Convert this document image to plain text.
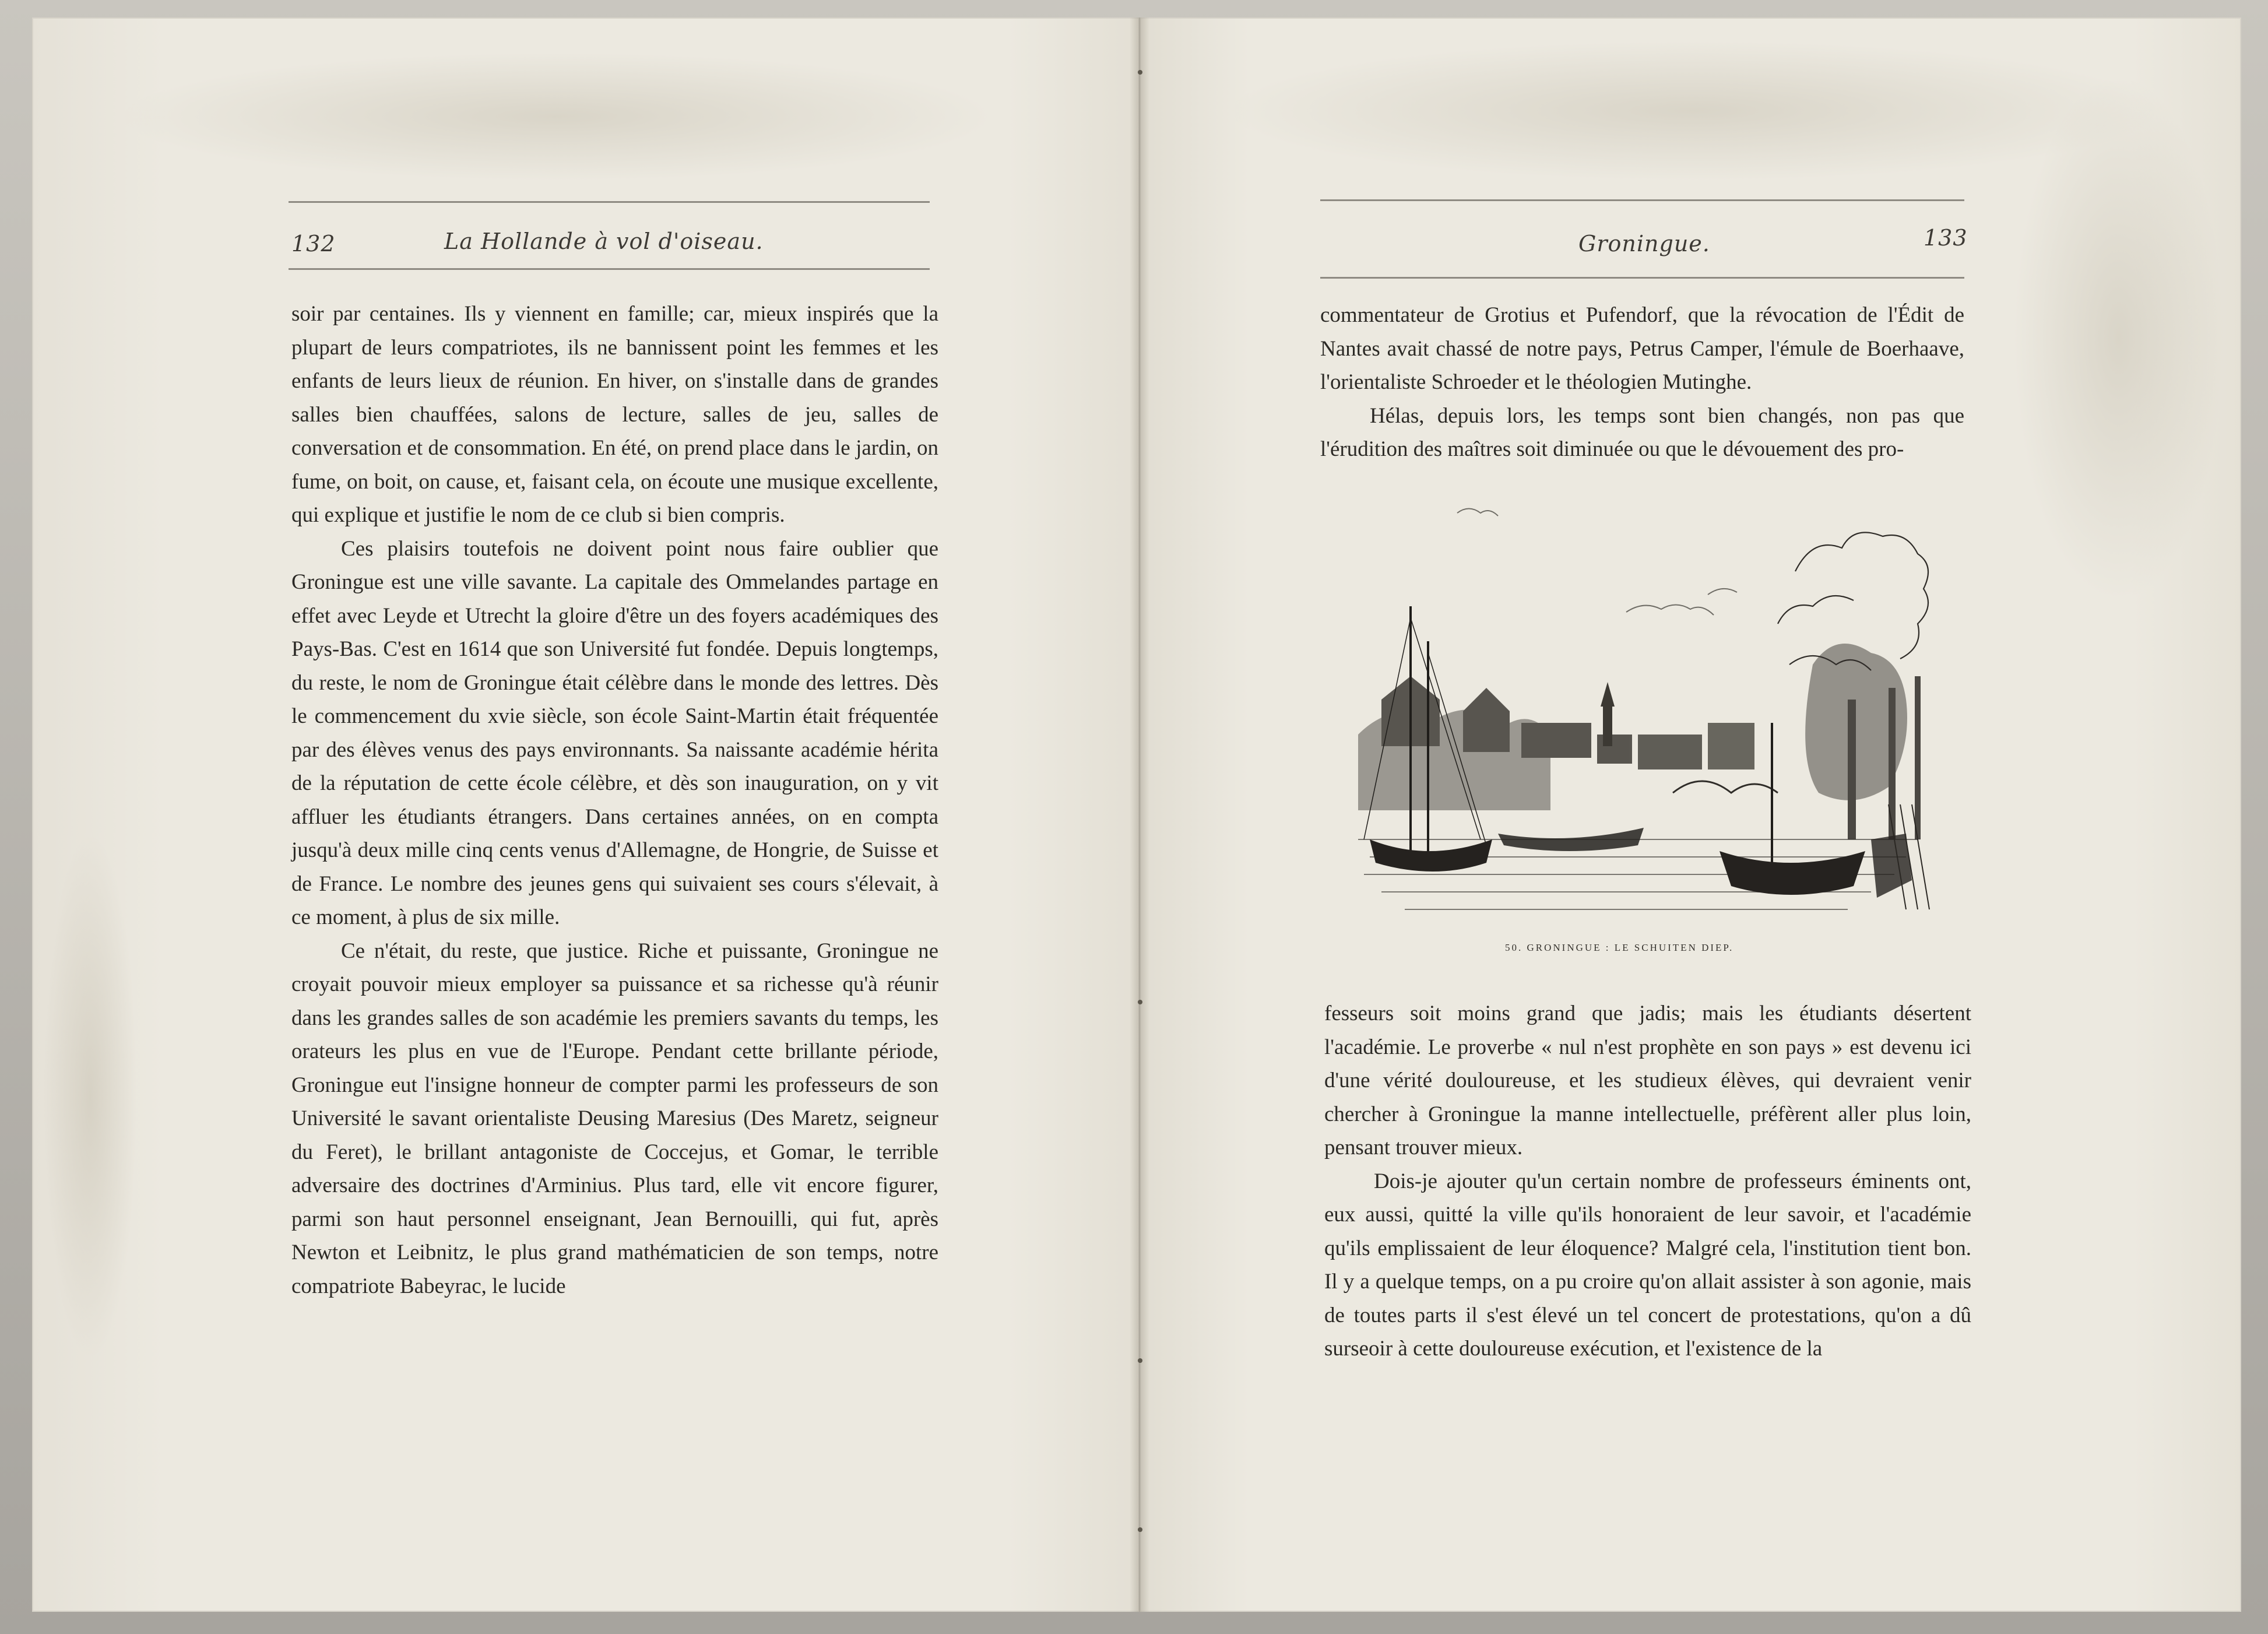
132	La Hollande à vol d'oiseau.

soir par centaines. Ils y viennent en famille; car, mieux inspirés que la plupart de leurs compatriotes, ils ne bannissent point les femmes et les enfants de leurs lieux de réunion. En hiver, on s'installe dans de grandes salles bien chauffées, salons de lecture, salles de jeu, salles de conversation et de consommation. En été, on prend place dans le jardin, on fume, on boit, on cause, et, faisant cela, on écoute une musique excellente, qui explique et justifie le nom de ce club si bien compris.

Ces plaisirs toutefois ne doivent point nous faire oublier que Groningue est une ville savante. La capitale des Ommelandes partage en effet avec Leyde et Utrecht la gloire d'être un des foyers académiques des Pays-Bas. C'est en 1614 que son Université fut fondée. Depuis longtemps, du reste, le nom de Groningue était célèbre dans le monde des lettres. Dès le commencement du xvie siècle, son école Saint-Martin était fréquentée par des élèves venus des pays environnants. Sa naissante académie hérita de la réputation de cette école célèbre, et dès son inauguration, on y vit affluer les étudiants étrangers. Dans certaines années, on en compta jusqu'à deux mille cinq cents venus d'Allemagne, de Hongrie, de Suisse et de France. Le nombre des jeunes gens qui suivaient ses cours s'élevait, à ce moment, à plus de six mille.

Ce n'était, du reste, que justice. Riche et puissante, Groningue ne croyait pouvoir mieux employer sa puissance et sa richesse qu'à réunir dans les grandes salles de son académie les premiers savants du temps, les orateurs les plus en vue de l'Europe. Pendant cette brillante période, Groningue eut l'insigne honneur de compter parmi les professeurs de son Université le savant orientaliste Deusing Maresius (Des Maretz, seigneur du Feret), le brillant antagoniste de Coccejus, et Gomar, le terrible adversaire des doctrines d'Arminius. Plus tard, elle vit encore figurer, parmi son haut personnel enseignant, Jean Bernouilli, qui fut, après Newton et Leibnitz, le plus grand mathématicien de son temps, notre compatriote Babeyrac, le lucide

Groningue.	133

commentateur de Grotius et Pufendorf, que la révocation de l'Édit de Nantes avait chassé de notre pays, Petrus Camper, l'émule de Boerhaave, l'orientaliste Schroeder et le théologien Mutinghe.

Hélas, depuis lors, les temps sont bien changés, non pas que l'érudition des maîtres soit diminuée ou que le dévouement des pro-

50. GRONINGUE : LE SCHUITEN DIEP.

fesseurs soit moins grand que jadis; mais les étudiants désertent l'académie. Le proverbe « nul n'est prophète en son pays » est devenu ici d'une vérité douloureuse, et les studieux élèves, qui devraient venir chercher à Groningue la manne intellectuelle, préfèrent aller plus loin, pensant trouver mieux.

Dois-je ajouter qu'un certain nombre de professeurs éminents ont, eux aussi, quitté la ville qu'ils honoraient de leur savoir, et l'académie qu'ils emplissaient de leur éloquence? Malgré cela, l'institution tient bon. Il y a quelque temps, on a pu croire qu'on allait assister à son agonie, mais de toutes parts il s'est élevé un tel concert de protestations, qu'on a dû surseoir à cette douloureuse exécution, et l'existence de la
